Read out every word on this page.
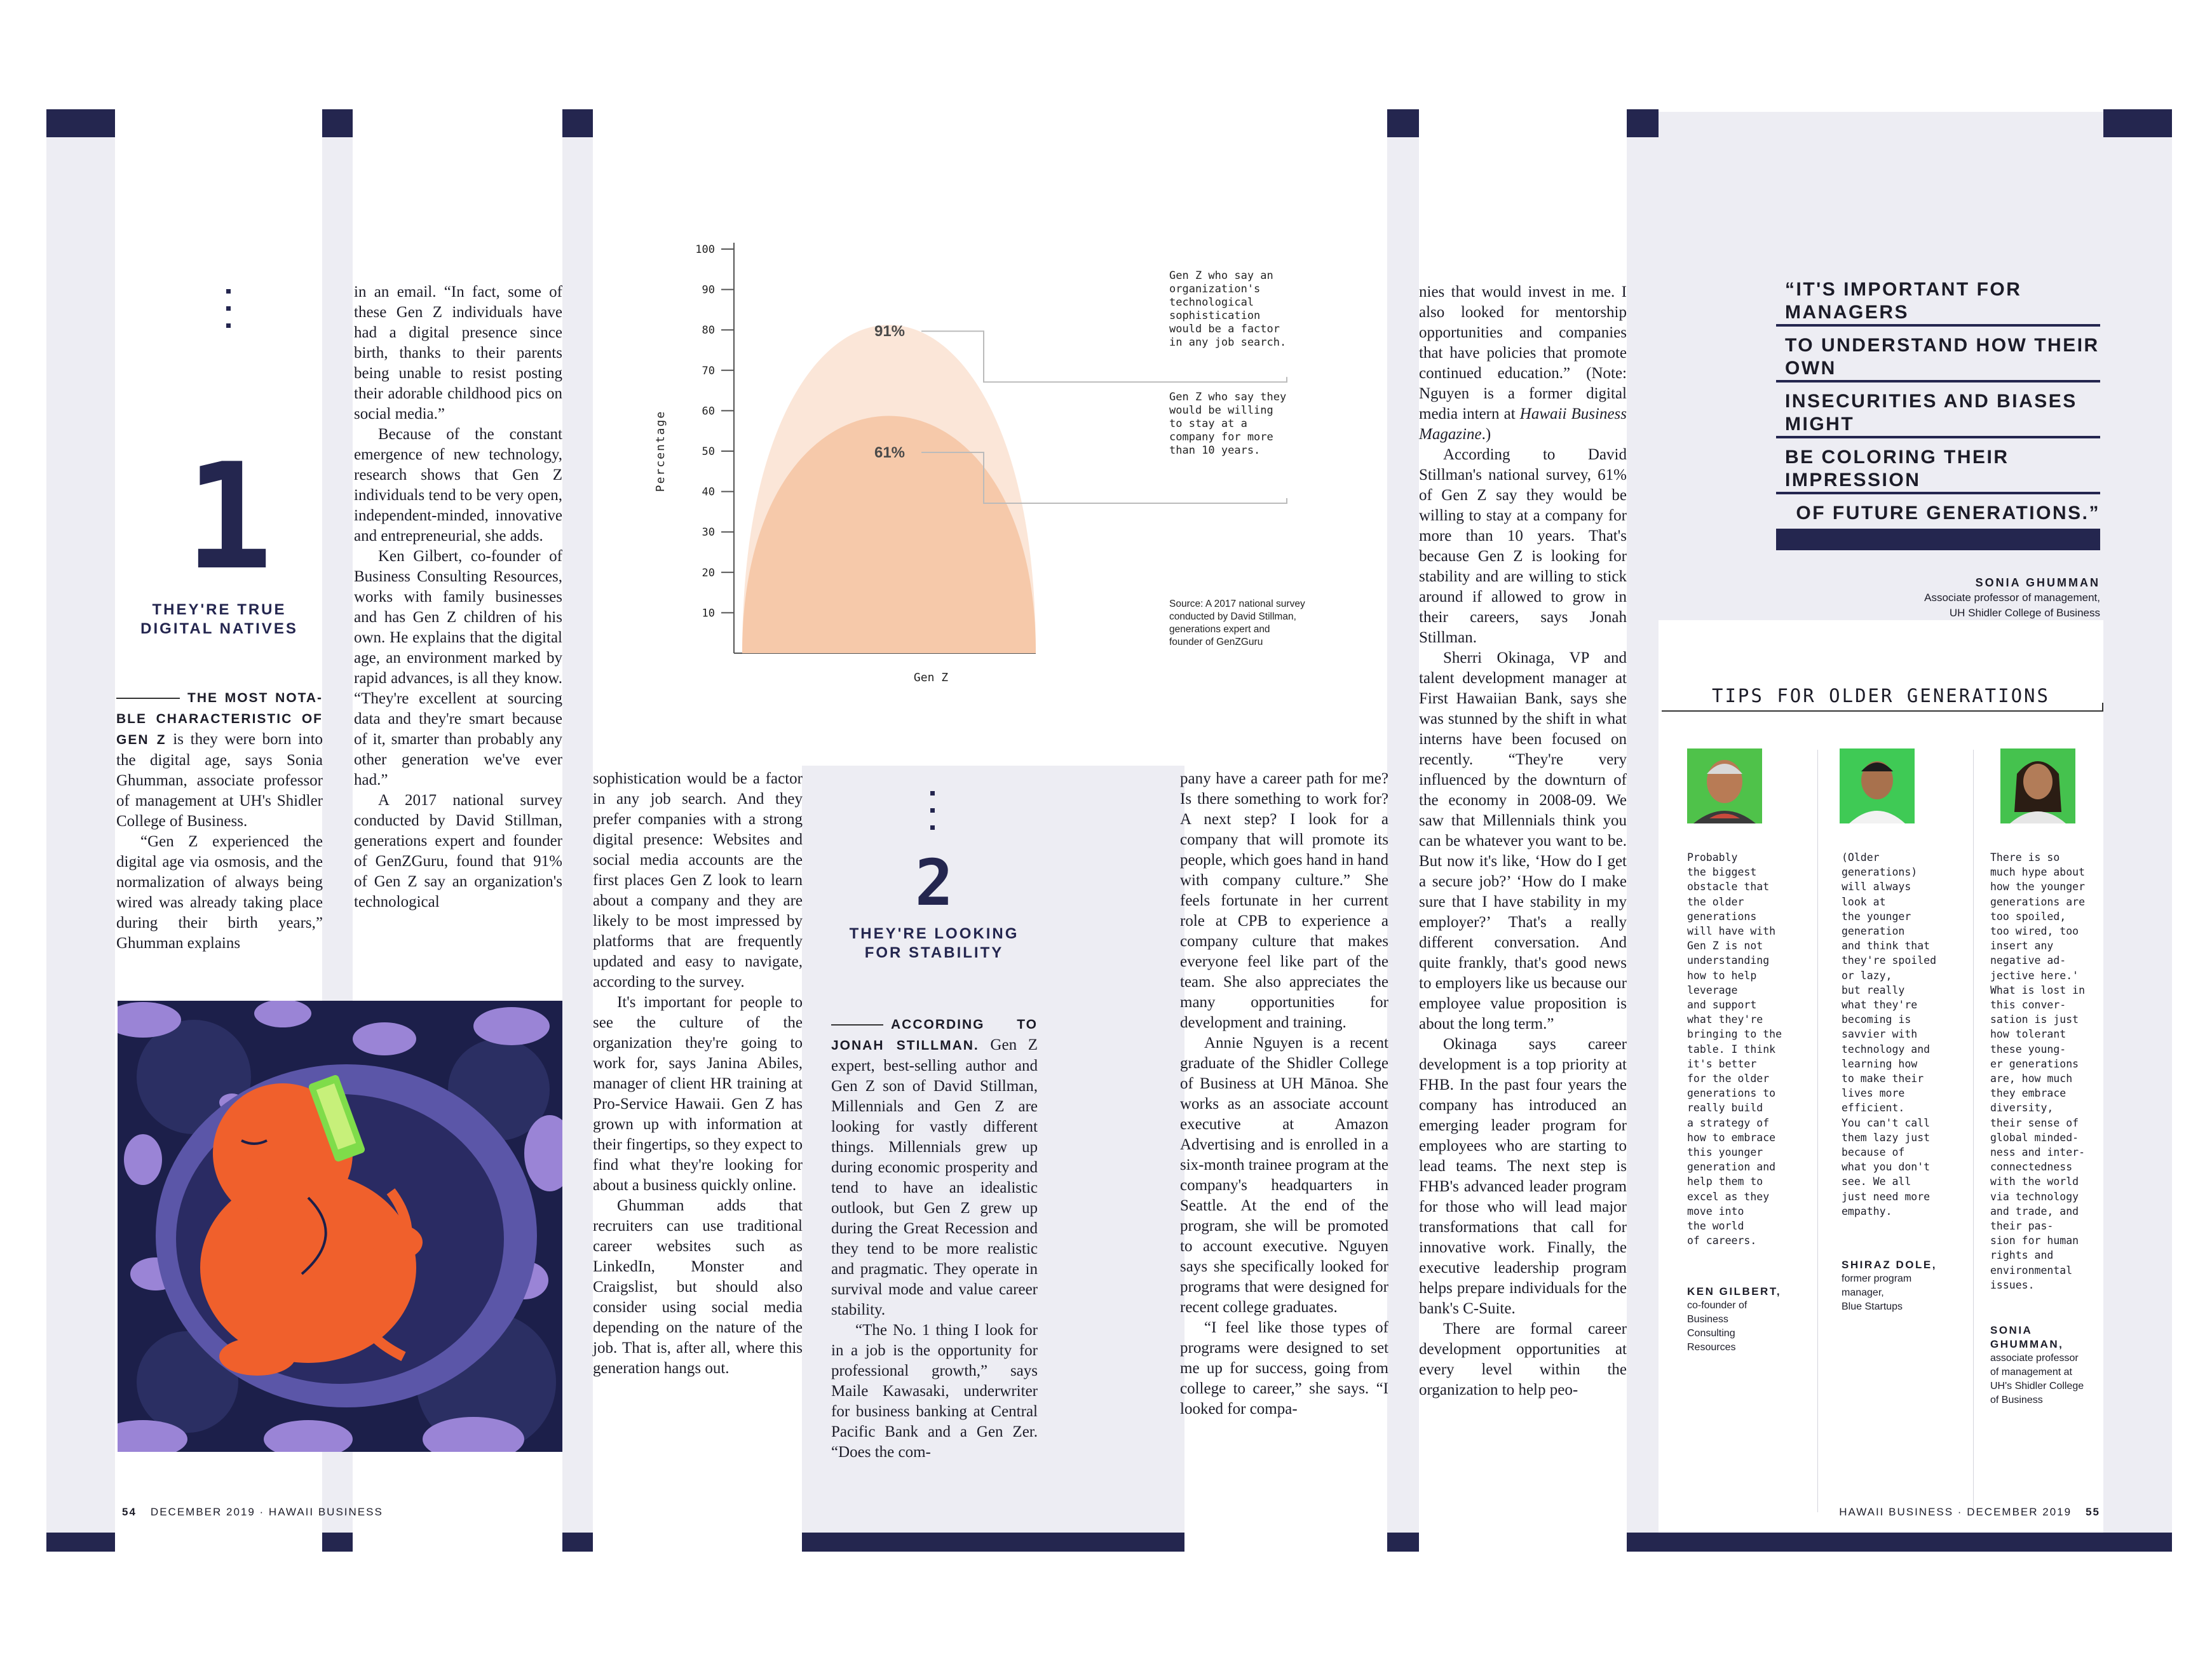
1
THEY'RE TRUE
DIGITAL NATIVES

THE MOST NOTA-BLE CHARACTERISTIC OF GEN Z is they were born into the digital age, says Sonia Ghumman, associate professor of management at UH's Shidler College of Business.

“Gen Z experienced the digital age via osmosis, and the normalization of always being wired was already taking place during their birth years,” Ghumman explains

in an email. “In fact, some of these Gen Z individuals have had a digital presence since birth, thanks to their parents being unable to resist posting their adorable childhood pics on social media.”

Because of the constant emergence of new technology, research shows that Gen Z individuals tend to be very open, independent-minded, innovative and entrepreneurial, she adds.

Ken Gilbert, co-founder of Business Consulting Resources, works with family businesses and has Gen Z children of his own. He explains that the digital age, an environment marked by rapid advances, is all they know. “They're excellent at sourcing data and they're smart because of it, smarter than probably any other generation we've ever had.”

A 2017 national survey conducted by David Stillman, generations expert and founder of GenZGuru, found that 91% of Gen Z say an organization's technological

10
20
30
40
50
60
70
80
90
100
Percentage
Gen Z
91%
Gen Z who say an organization's technological sophistication would be a factor in any job search.
61%
Gen Z who say they would be willing to stay at a company for more than 10 years.
Source: A 2017 national survey conducted by David Stillman, generations expert and founder of GenZGuru
2
THEY'RE LOOKING
FOR STABILITY

sophistication would be a factor in any job search. And they prefer companies with a strong digital presence: Websites and social media accounts are the first places Gen Z look to learn about a company and they are likely to be most impressed by platforms that are frequently updated and easy to navigate, according to the survey.

It's important for people to see the culture of the organization they're going to work for, says Janina Abiles, manager of client HR training at Pro-Service Hawaii. Gen Z has grown up with information at their fingertips, so they expect to find what they're looking for about a business quickly online.

Ghumman adds that recruiters can use traditional career websites such as LinkedIn, Monster and Craigslist, but should also consider using social media depending on the nature of the job. That is, after all, where this generation hangs out.

ACCORDING TO JONAH STILLMAN. Gen Z expert, best-selling author and Gen Z son of David Stillman, Millennials and Gen Z are looking for vastly different things. Millennials grew up during economic prosperity and tend to have an idealistic outlook, but Gen Z grew up during the Great Recession and they tend to be more realistic and pragmatic. They operate in survival mode and value career stability.

“The No. 1 thing I look for in a job is the opportunity for professional growth,” says Maile Kawasaki, underwriter for business banking at Central Pacific Bank and a Gen Zer. “Does the com-

pany have a career path for me? Is there something to work for? A next step? I look for a company that will promote its people, which goes hand in hand with company culture.” She feels fortunate in her current role at CPB to experience a company culture that makes everyone feel like part of the team. She also appreciates the many opportunities for development and training.

Annie Nguyen is a recent graduate of the Shidler College of Business at UH Mānoa. She works as an associate account executive at Amazon Advertising and is enrolled in a six-month trainee program at the company's headquarters in Seattle. At the end of the program, she will be promoted to account executive. Nguyen says she specifically looked for programs that were designed for recent college graduates.

“I feel like those types of programs were designed to set me up for success, going from college to career,” she says. “I looked for compa-

nies that would invest in me. I also looked for mentorship opportunities and companies that have policies that promote continued education.” (Note: Nguyen is a former digital media intern at Hawaii Business Magazine.)

According to David Stillman's national survey, 61% of Gen Z say they would be willing to stay at a company for more than 10 years. That's because Gen Z is looking for stability and are willing to stick around if allowed to grow in their careers, says Jonah Stillman.

Sherri Okinaga, VP and talent development manager at First Hawaiian Bank, says she was stunned by the shift in what interns have been focused on recently. “They're very influenced by the downturn of the economy in 2008-09. We saw that Millennials think you can be whatever you want to be. But now it's like, ‘How do I get a secure job?’ ‘How do I make sure that I have stability in my employer?’ That's a really different conversation. And quite frankly, that's good news to employers like us because our employee value proposition is about the long term.”

Okinaga says career development is a top priority at FHB. In the past four years the company has introduced an emerging leader program for employees who are starting to lead teams. The next step is FHB's advanced leader program for those who will lead major transformations that call for innovative work. Finally, the executive leadership program helps prepare individuals for the bank's C-Suite.

There are formal career development opportunities at every level within the organization to help peo-

“IT'S IMPORTANT FOR MANAGERS
TO UNDERSTAND HOW THEIR OWN
INSECURITIES AND BIASES MIGHT
BE COLORING THEIR IMPRESSION
OF FUTURE GENERATIONS.”
SONIA GHUMMAN
Associate professor of management,
UH Shidler College of Business
TIPS FOR OLDER GENERATIONS
Probably
the biggest
obstacle that
the older
generations
will have with
Gen Z is not
understanding
how to help
leverage
and support
what they're
bringing to the
table. I think
it's better
for the older
generations to
really build
a strategy of
how to embrace
this younger
generation and
help them to
excel as they
move into
the world
of careers.
KEN GILBERT,
co-founder of
Business
Consulting
Resources
(Older
generations)
will always
look at
the younger
generation
and think that
they're spoiled
or lazy,
but really
what they're
becoming is
savvier with
technology and
learning how
to make their
lives more
efficient.
You can't call
them lazy just
because of
what you don't
see. We all
just need more
empathy.
SHIRAZ DOLE,
former program
manager,
Blue Startups
There is so
much hype about
how the younger
generations are
too spoiled,
too wired, too
insert any
negative ad-
jective here.'
What is lost in
this conver-
sation is just
how tolerant
these young-
er generations
are, how much
they embrace
diversity,
their sense of
global minded-
ness and inter-
connectedness
with the world
via technology
and trade, and
their pas-
sion for human
rights and
environmental
issues.
SONIA
GHUMMAN,
associate professor
of management at
UH's Shidler College
of Business
54 DECEMBER 2019 · HAWAII BUSINESS	HAWAII BUSINESS · DECEMBER 2019 55
